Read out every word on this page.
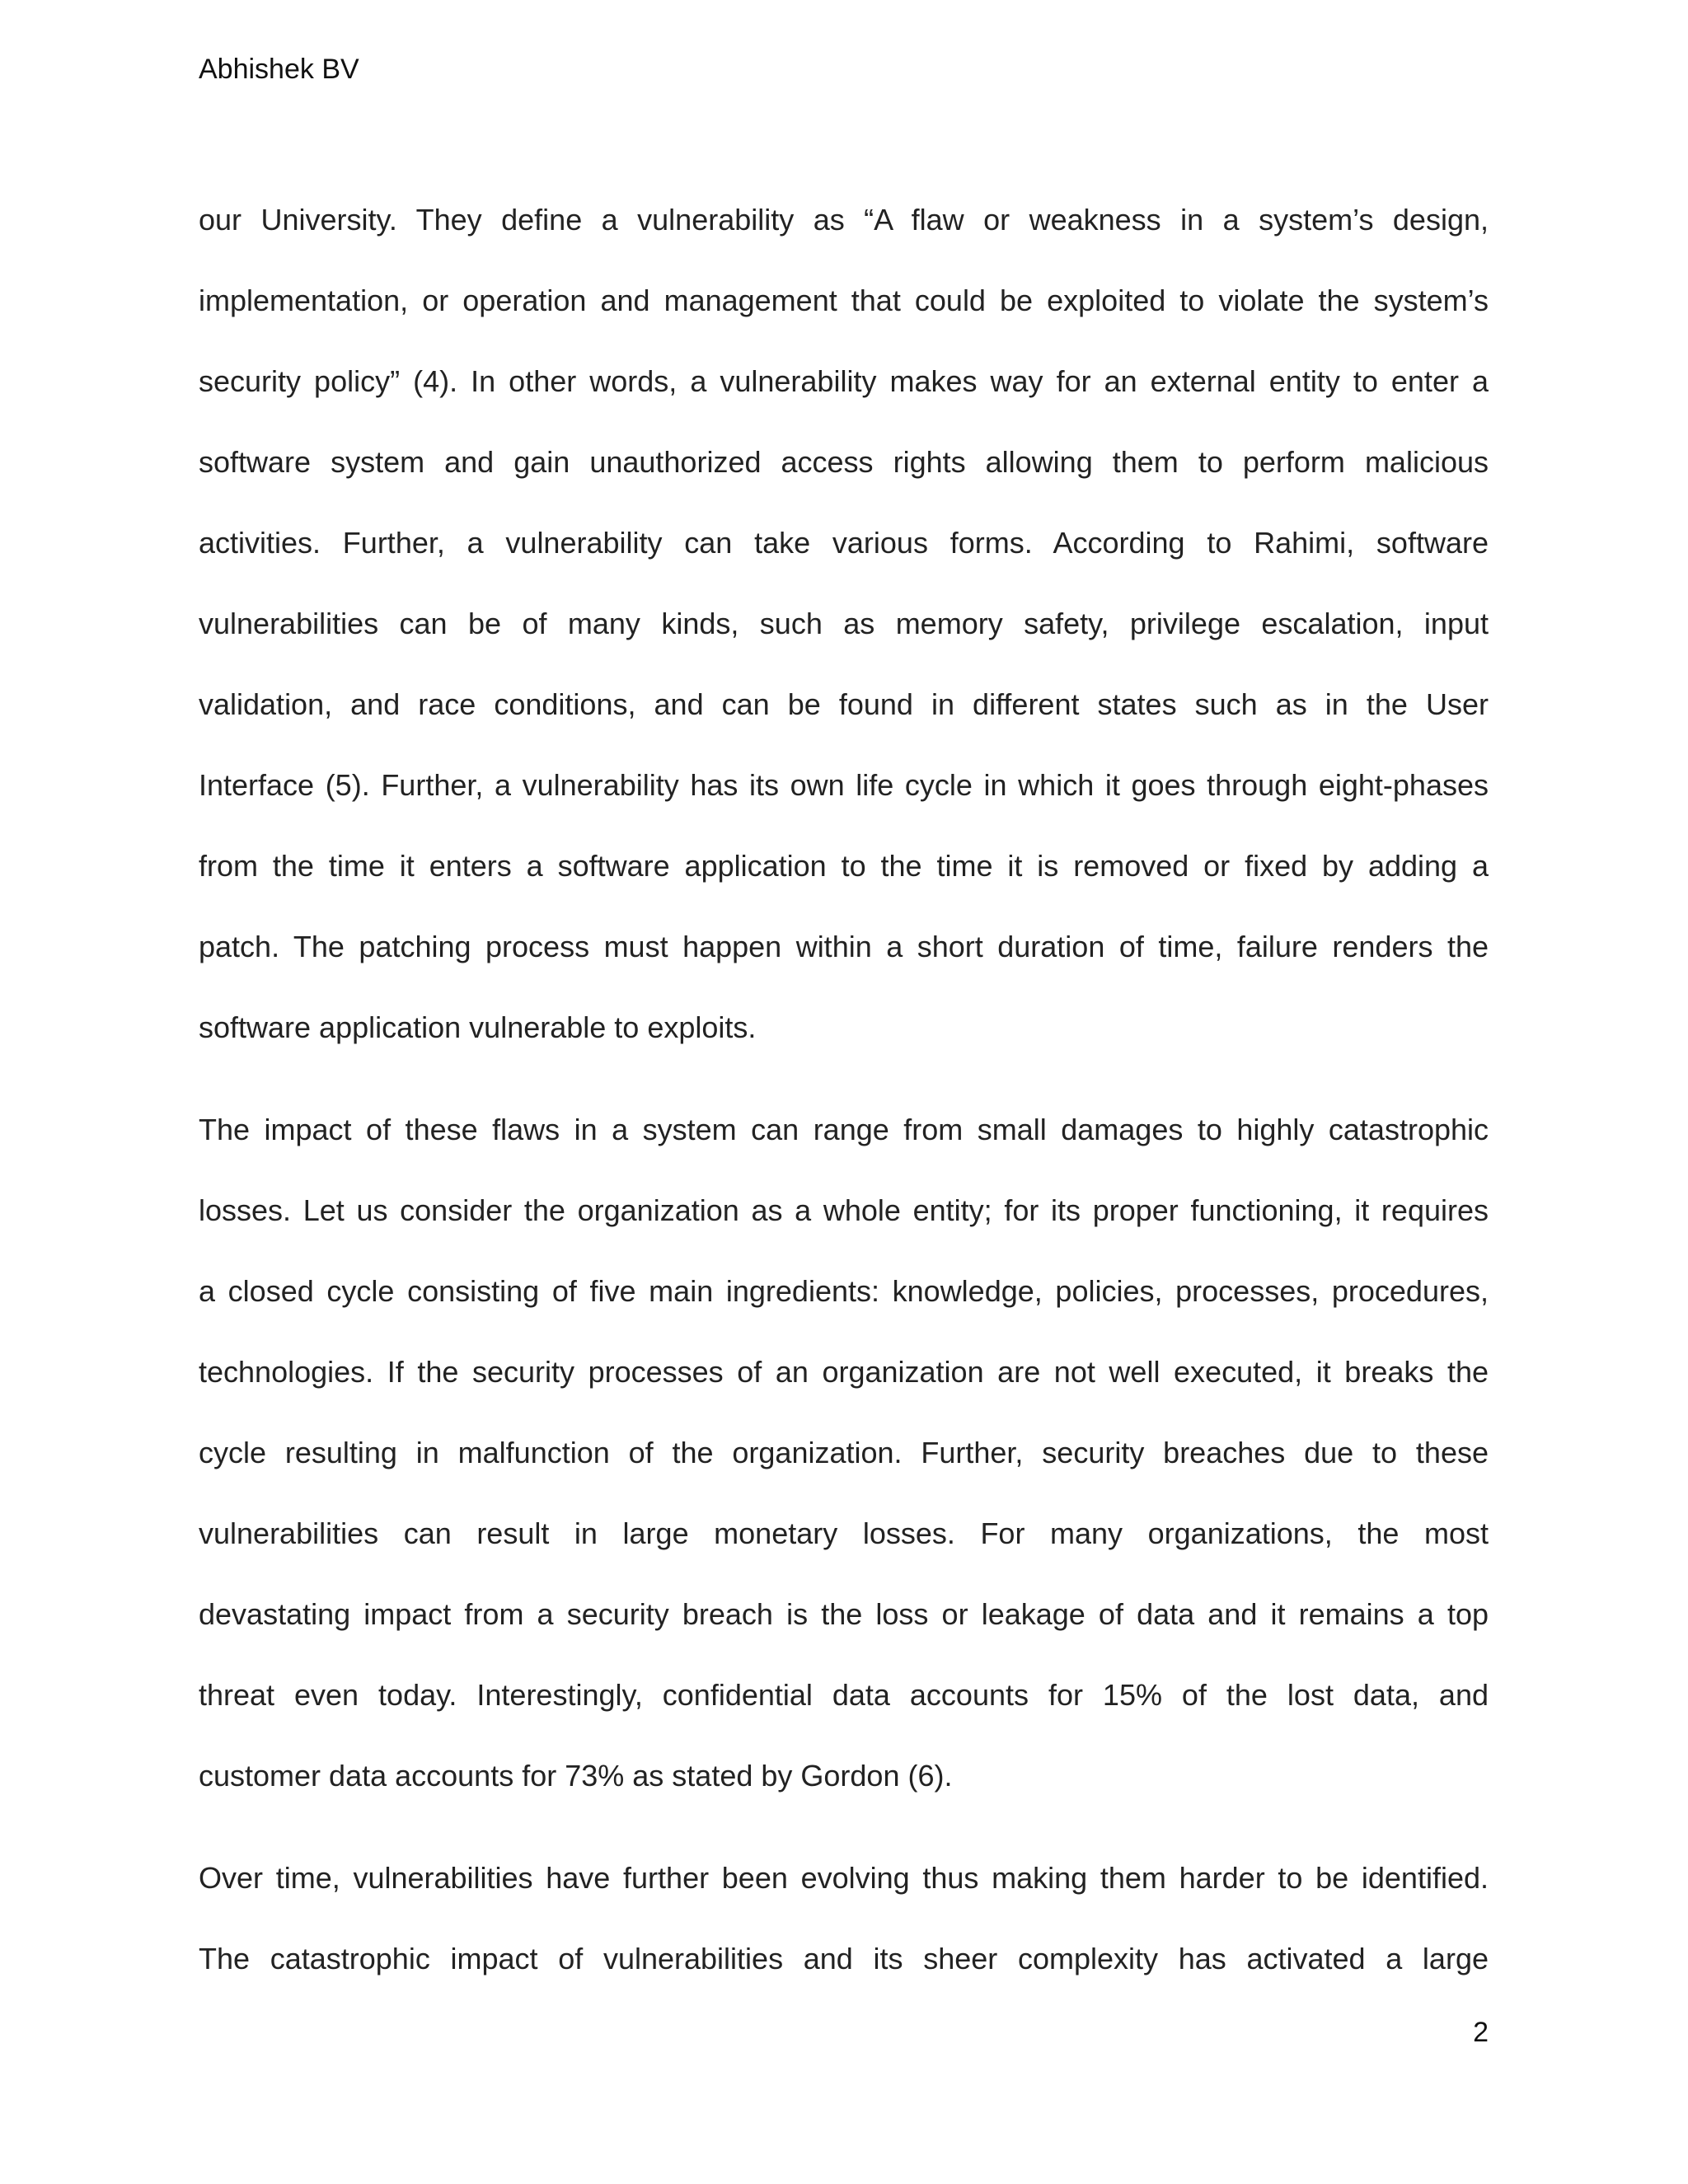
Abhishek BV
our University. They define a vulnerability as “A flaw or weakness in a system’s design,
implementation, or operation and management that could be exploited to violate the system’s
security policy” (4). In other words, a vulnerability makes way for an external entity to enter a
software system and gain unauthorized access rights allowing them to perform malicious
activities. Further, a vulnerability can take various forms. According to Rahimi, software
vulnerabilities can be of many kinds, such as memory safety, privilege escalation, input
validation, and race conditions, and can be found in different states such as in the User
Interface (5). Further, a vulnerability has its own life cycle in which it goes through eight-phases
from the time it enters a software application to the time it is removed or fixed by adding a
patch. The patching process must happen within a short duration of time, failure renders the
software application vulnerable to exploits.
The impact of these flaws in a system can range from small damages to highly catastrophic
losses. Let us consider the organization as a whole entity; for its proper functioning, it requires
a closed cycle consisting of five main ingredients: knowledge, policies, processes, procedures,
technologies. If the security processes of an organization are not well executed, it breaks the
cycle resulting in malfunction of the organization. Further, security breaches due to these
vulnerabilities can result in large monetary losses. For many organizations, the most
devastating impact from a security breach is the loss or leakage of data and it remains a top
threat even today. Interestingly, confidential data accounts for 15% of the lost data, and
customer data accounts for 73% as stated by Gordon (6).
Over time, vulnerabilities have further been evolving thus making them harder to be identified.
The catastrophic impact of vulnerabilities and its sheer complexity has activated a large
2
